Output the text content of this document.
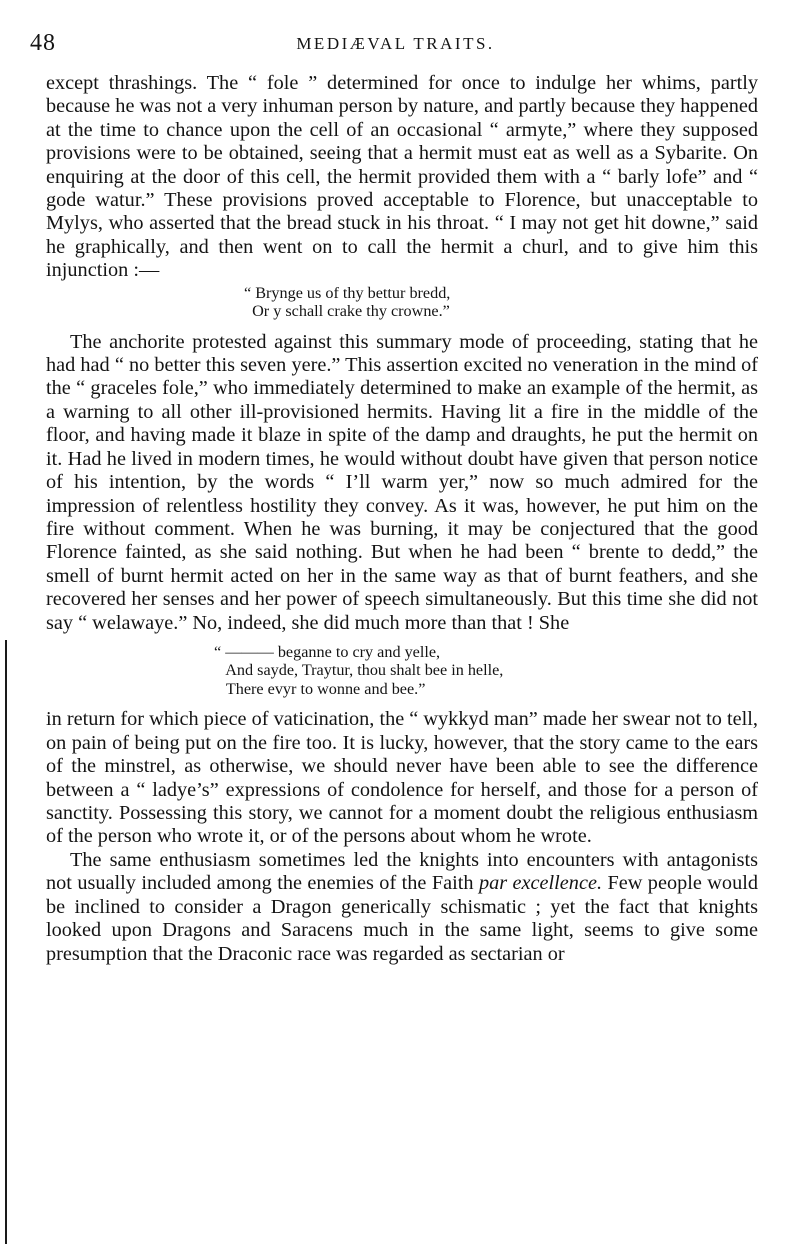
48	MEDIÆVAL TRAITS.

except thrashings. The “ fole ” determined for once to indulge her whims, partly because he was not a very inhuman person by nature, and partly because they happened at the time to chance upon the cell of an occasional “ armyte,” where they supposed provisions were to be obtained, seeing that a hermit must eat as well as a Sybarite. On enquiring at the door of this cell, the hermit provided them with a “ barly lofe” and “ gode watur.” These provisions proved acceptable to Florence, but unacceptable to Mylys, who asserted that the bread stuck in his throat. “ I may not get hit downe,” said he graphically, and then went on to call the hermit a churl, and to give him this injunction :—

“ Brynge us of thy bettur bredd,
Or y schall crake thy crowne.”

The anchorite protested against this summary mode of proceeding, stating that he had had “ no better this seven yere.” This assertion excited no veneration in the mind of the “ graceles fole,” who immediately determined to make an example of the hermit, as a warning to all other ill-provisioned hermits. Having lit a fire in the middle of the floor, and having made it blaze in spite of the damp and draughts, he put the hermit on it. Had he lived in modern times, he would without doubt have given that person notice of his intention, by the words “ I’ll warm yer,” now so much admired for the impression of relentless hostility they convey. As it was, however, he put him on the fire without comment. When he was burning, it may be conjectured that the good Florence fainted, as she said nothing. But when he had been “ brente to dedd,” the smell of burnt hermit acted on her in the same way as that of burnt feathers, and she recovered her senses and her power of speech simultaneously. But this time she did not say “ welawaye.” No, indeed, she did much more than that ! She

“ ——— beganne to cry and yelle,
And sayde, Traytur, thou shalt bee in helle,
There evyr to wonne and bee.”

in return for which piece of vaticination, the “ wykkyd man” made her swear not to tell, on pain of being put on the fire too. It is lucky, however, that the story came to the ears of the minstrel, as otherwise, we should never have been able to see the difference between a “ ladye’s” expressions of condolence for herself, and those for a person of sanctity. Possessing this story, we cannot for a moment doubt the religious enthusiasm of the person who wrote it, or of the persons about whom he wrote.

The same enthusiasm sometimes led the knights into encounters with antagonists not usually included among the enemies of the Faith par excellence. Few people would be inclined to consider a Dragon generically schismatic ; yet the fact that knights looked upon Dragons and Saracens much in the same light, seems to give some presumption that the Draconic race was regarded as sectarian or
